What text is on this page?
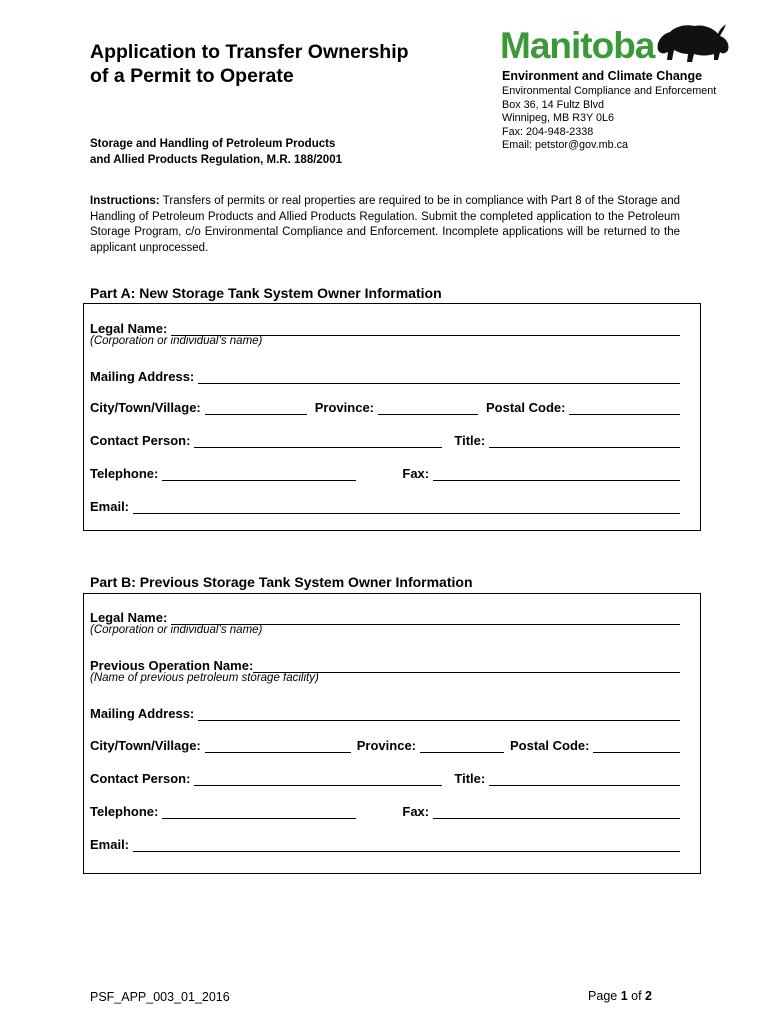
Application to Transfer Ownership
of a Permit to Operate
Storage and Handling of Petroleum Products
and Allied Products Regulation, M.R. 188/2001
Manitoba
Environment and Climate Change
Environmental Compliance and Enforcement
Box 36, 14 Fultz Blvd
Winnipeg, MB R3Y 0L6
Fax: 204-948-2338
Email: petstor@gov.mb.ca
Instructions: Transfers of permits or real properties are required to be in compliance with Part 8 of the Storage and Handling of Petroleum Products and Allied Products Regulation. Submit the completed application to the Petroleum Storage Program, c/o Environmental Compliance and Enforcement. Incomplete applications will be returned to the applicant unprocessed.
Part A: New Storage Tank System Owner Information
Legal Name:
(Corporation or individual’s name)
Mailing Address:
City/Town/Village:	Province:	Postal Code:
Contact Person:	Title:
Telephone:	Fax:
Email:
Part B: Previous Storage Tank System Owner Information
Legal Name:
(Corporation or individual’s name)
Previous Operation Name:
(Name of previous petroleum storage facility)
Mailing Address:
City/Town/Village:	Province:	Postal Code:
Contact Person:	Title:
Telephone:	Fax:
Email:
PSF_APP_003_01_2016	Page 1 of 2
